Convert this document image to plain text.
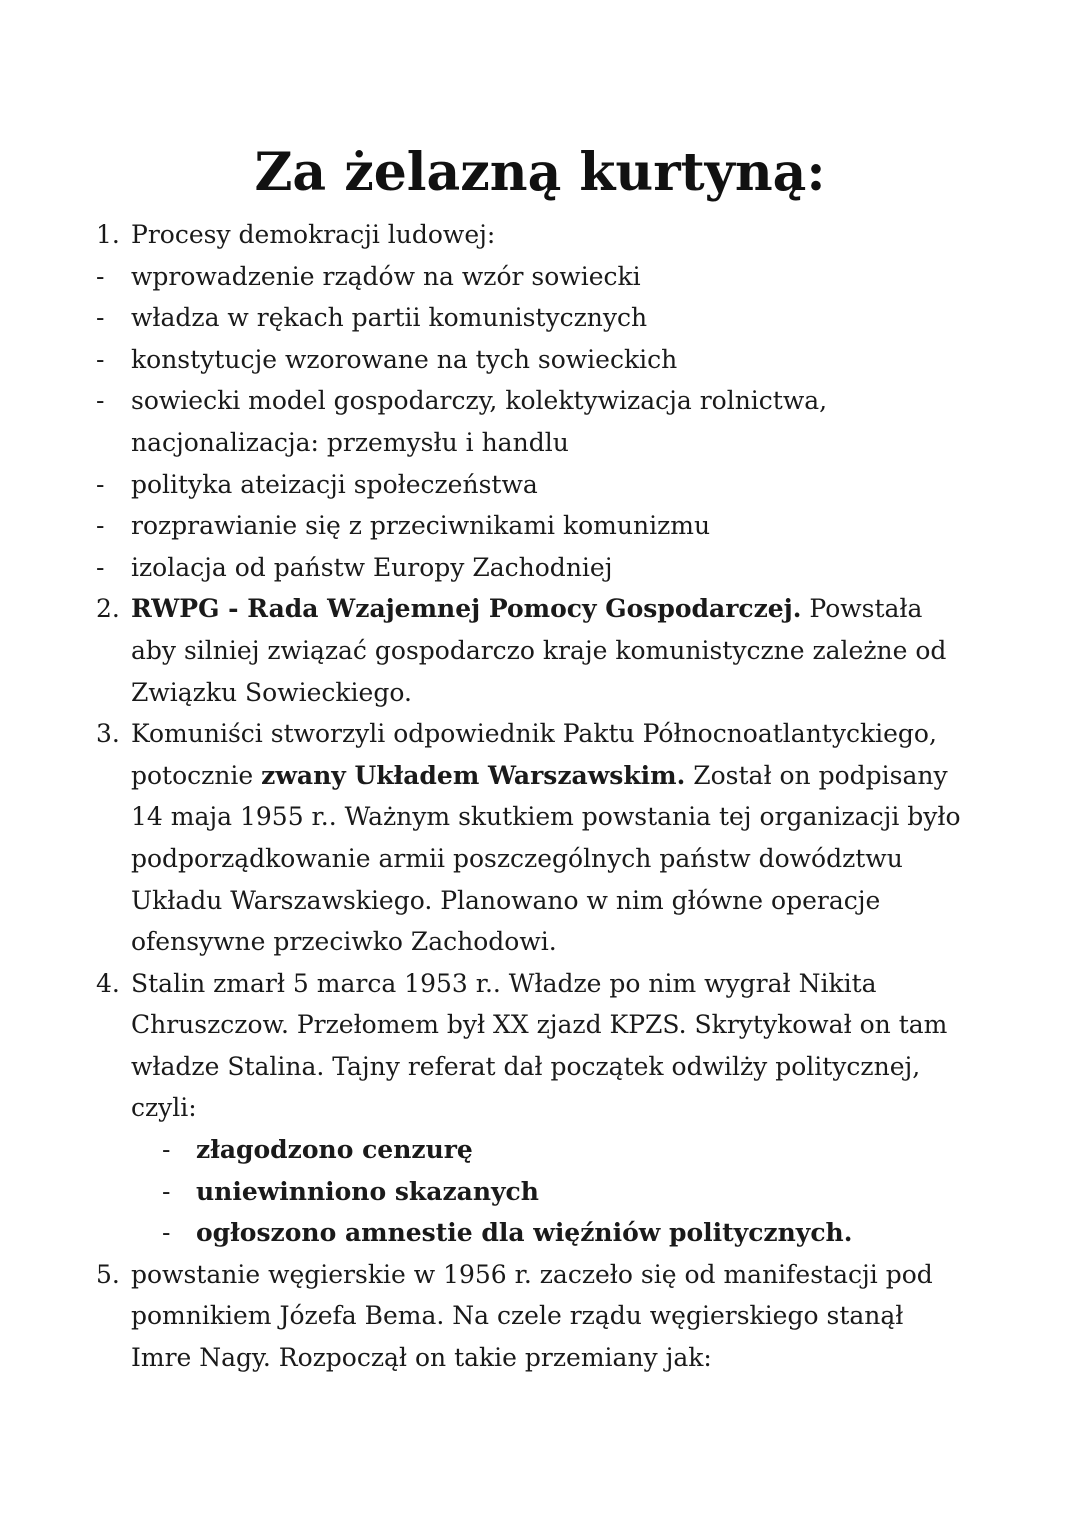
Za żelazną kurtyną:
1. Procesy demokracji ludowej:
-	wprowadzenie rządów na wzór sowiecki
-	władza w rękach partii komunistycznych
-	konstytucje wzorowane na tych sowieckich
-	sowiecki model gospodarczy, kolektywizacja rolnictwa, nacjonalizacja: przemysłu i handlu
-	polityka ateizacji społeczeństwa
-	rozprawianie się z przeciwnikami komunizmu
-	izolacja od państw Europy Zachodniej
2. RWPG - Rada Wzajemnej Pomocy Gospodarczej. Powstała aby silniej związać gospodarczo kraje komunistyczne zależne od Związku Sowieckiego.
3. Komuniści stworzyli odpowiednik Paktu Północnoatlantyckiego, potocznie zwany Układem Warszawskim. Został on podpisany 14 maja 1955 r.. Ważnym skutkiem powstania tej organizacji było podporządkowanie armii poszczególnych państw dowództwu Układu Warszawskiego. Planowano w nim główne operacje ofensywne przeciwko Zachodowi.
4. Stalin zmarł 5 marca 1953 r.. Władze po nim wygrał Nikita Chruszczow. Przełomem był XX zjazd KPZS. Skrytykował on tam władze Stalina. Tajny referat dał początek odwilży politycznej, czyli:
-	złagodzono cenzurę
-	uniewinniono skazanych
-	ogłoszono amnestie dla więźniów politycznych.
5. powstanie węgierskie w 1956 r. zaczeło się od manifestacji pod pomnikiem Józefa Bema. Na czele rządu węgierskiego stanął Imre Nagy. Rozpoczął on takie przemiany jak:
